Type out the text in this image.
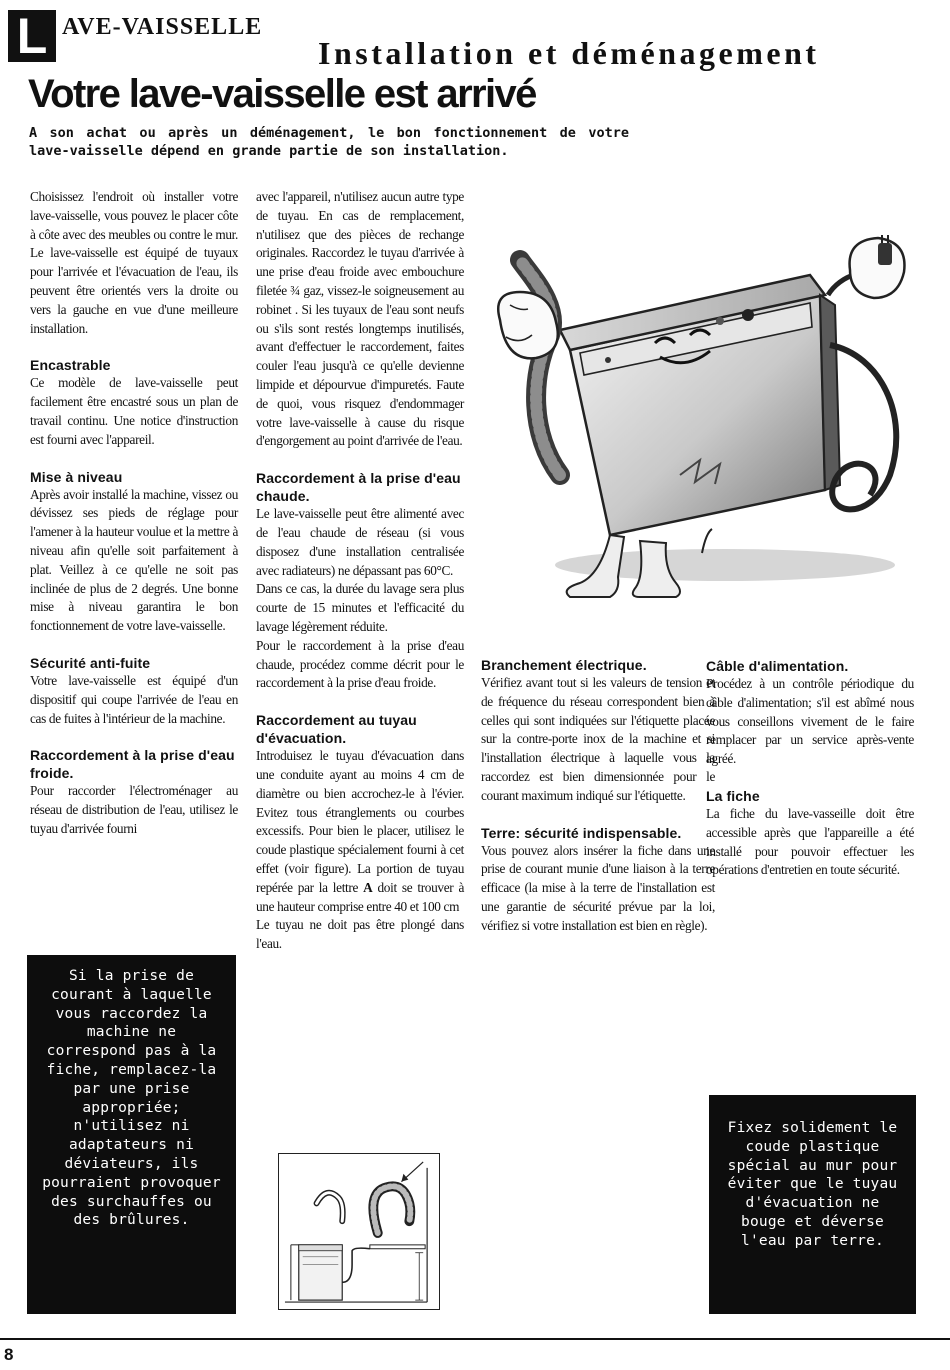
L AVE-VAISSELLE
Installation et déménagement
Votre lave-vaisselle est arrivé
A son achat ou après un déménagement, le bon fonctionnement de votre lave-vaisselle dépend en grande partie de son installation.

Choisissez l'endroit où installer votre lave-vaisselle, vous pouvez le placer côte à côte avec des meubles ou contre le mur. Le lave-vaisselle est équipé de tuyaux pour l'arrivée et l'évacuation de l'eau, ils peuvent être orientés vers la droite ou vers la gauche en vue d'une meilleure installation.

Encastrable

Ce modèle de lave-vaisselle peut facilement être encastré sous un plan de travail continu. Une notice d'instruction est fourni avec l'appareil.

Mise à niveau

Après avoir installé la machine, vissez ou dévissez ses pieds de réglage pour l'amener à la hauteur voulue et la mettre à niveau afin qu'elle soit parfaitement à plat. Veillez à ce qu'elle ne soit pas inclinée de plus de 2 degrés. Une bonne mise à niveau garantira le bon fonctionnement de votre lave-vaisselle.

Sécurité anti-fuite

Votre lave-vaisselle est équipé d'un dispositif qui coupe l'arrivée de l'eau en cas de fuites à l'intérieur de la machine.

Raccordement à la prise d'eau froide.

Pour raccorder l'électroménager au réseau de distribution de l'eau, utilisez le tuyau d'arrivée fourni

avec l'appareil, n'utilisez aucun autre type de tuyau. En cas de remplacement, n'utilisez que des pièces de rechange originales. Raccordez le tuyau d'arrivée à une prise d'eau froide avec embouchure filetée ¾ gaz, vissez-le soigneusement au robinet . Si les tuyaux de l'eau sont neufs ou s'ils sont restés longtemps inutilisés, avant d'effectuer le raccordement, faites couler l'eau jusqu'à ce qu'elle devienne limpide et dépourvue d'impuretés. Faute de quoi, vous risquez d'endommager votre lave-vaisselle à cause du risque d'engorgement au point d'arrivée de l'eau.

Raccordement à la prise d'eau chaude.

Le lave-vaisselle peut être alimenté avec de l'eau chaude de réseau (si vous disposez d'une installation centralisée avec radiateurs) ne dépassant pas 60°C.

Dans ce cas, la durée du lavage sera plus courte de 15 minutes et l'efficacité du lavage légèrement réduite.

Pour le raccordement à la prise d'eau chaude, procédez comme décrit pour le raccordement à la prise d'eau froide.

Raccordement au tuyau d'évacuation.

Introduisez le tuyau d'évacuation dans une conduite ayant au moins 4 cm de diamètre ou bien accrochez-le à l'évier. Evitez tous étranglements ou courbes excessifs. Pour bien le placer, utilisez le coude plastique spécialement fourni à cet effet (voir figure). La portion de tuyau repérée par la lettre A doit se trouver à une hauteur comprise entre 40 et 100 cm

Le tuyau ne doit pas être plongé dans l'eau.

Branchement électrique.

Vérifiez avant tout si les valeurs de tension et de fréquence du réseau correspondent bien à celles qui sont indiquées sur l'étiquette placée sur la contre-porte inox de la machine et si l'installation électrique à laquelle vous la raccordez est bien dimensionnée pour le courant maximum indiqué sur l'étiquette.

Terre: sécurité indispensable.

Vous pouvez alors insérer la fiche dans une prise de courant munie d'une liaison à la terre efficace (la mise à la terre de l'installation est une garantie de sécurité prévue par la loi, vérifiez si votre installation est bien en règle).

Câble d'alimentation.

Procédez à un contrôle périodique du câble d'alimentation; s'il est abîmé nous vous conseillons vivement de le faire remplacer par un service après-vente agréé.

La fiche

La fiche du lave-vasseille doit être accessible après que l'appareille a été installé pour pouvoir effectuer les opérations d'entretien en toute sécurité.

Si la prise de courant à laquelle vous raccordez la machine ne correspond pas à la fiche, remplacez-la par une prise appropriée; n'utilisez ni adaptateurs ni déviateurs, ils pourraient provoquer des surchauffes ou des brûlures.
Fixez solidement le coude plastique spécial au mur pour éviter que le tuyau d'évacuation ne bouge et déverse l'eau par terre.
8
